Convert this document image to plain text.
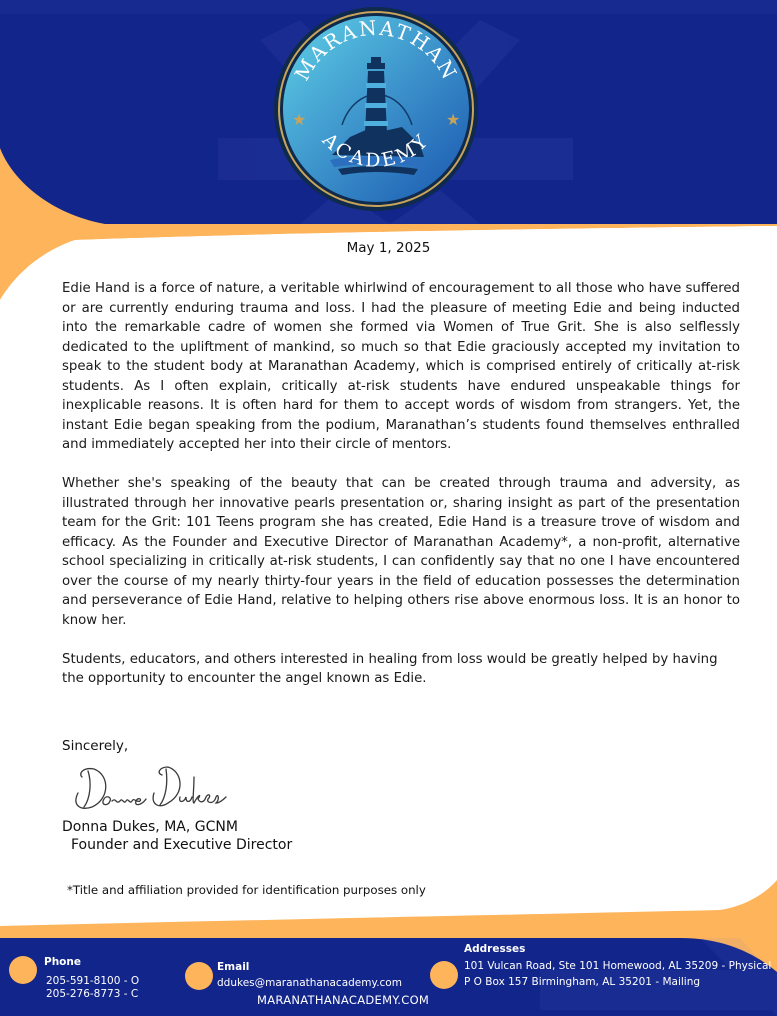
★	★
MARANATHAN
ACADEMY
May 1, 2025

Edie Hand is a force of nature, a veritable whirlwind of encouragement to all those who have suffered or are currently enduring trauma and loss. I had the pleasure of meeting Edie and being inducted into the remarkable cadre of women she formed via Women of True Grit. She is also selflessly dedicated to the upliftment of mankind, so much so that Edie graciously accepted my invitation to speak to the student body at Maranathan Academy, which is comprised entirely of critically at-risk students. As I often explain, critically at-risk students have endured unspeakable things for inexplicable reasons. It is often hard for them to accept words of wisdom from strangers. Yet, the instant Edie began speaking from the podium, Maranathan’s students found themselves enthralled and immediately accepted her into their circle of mentors.

Whether she's speaking of the beauty that can be created through trauma and adversity, as illustrated through her innovative pearls presentation or, sharing insight as part of the presentation team for the Grit: 101 Teens program she has created, Edie Hand is a treasure trove of wisdom and efficacy. As the Founder and Executive Director of Maranathan Academy*, a non-profit, alternative school specializing in critically at-risk students, I can confidently say that no one I have encountered over the course of my nearly thirty-four years in the field of education possesses the determination and perseverance of Edie Hand, relative to helping others rise above enormous loss. It is an honor to know her.

Students, educators, and others interested in healing from loss would be greatly helped by having the opportunity to encounter the angel known as Edie.

Sincerely,
Donna Dukes, MA, GCNM
Founder and Executive Director
*Title and affiliation provided for identification purposes only
Phone
205-591-8100 - O
205-276-8773 - C
Email
ddukes@maranathanacademy.com
MARANATHANACADEMY.COM
Addresses
101 Vulcan Road, Ste 101 Homewood, AL 35209 - Physical
P O Box 157 Birmingham, AL 35201 - Mailing
